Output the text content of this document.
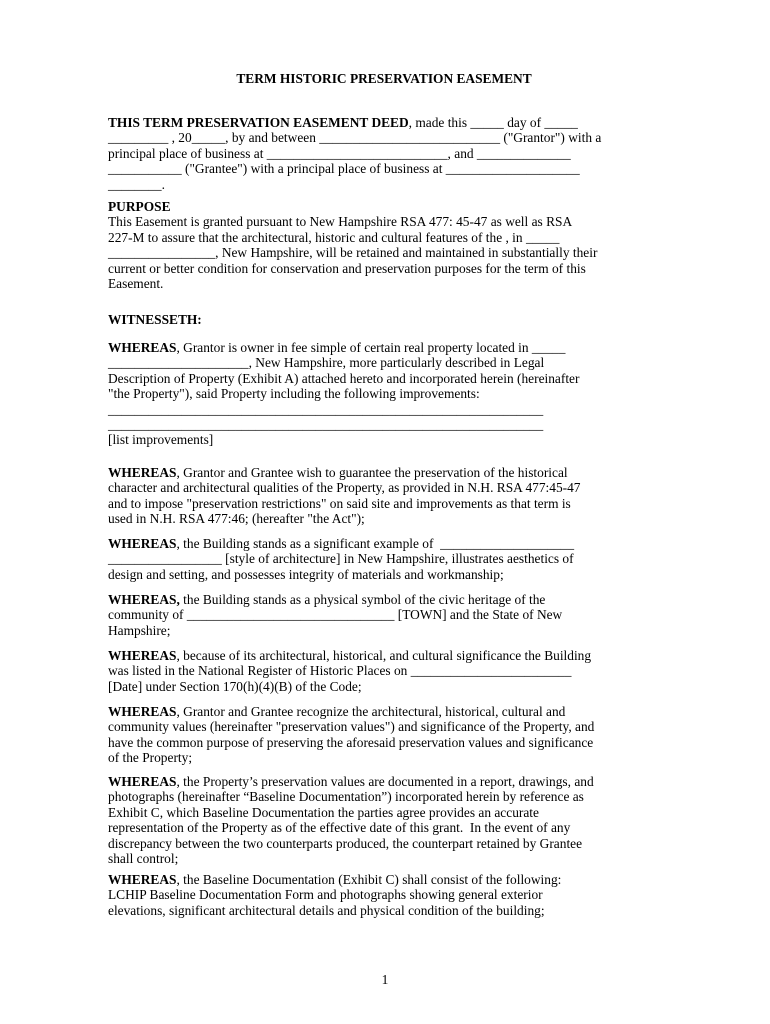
TERM HISTORIC PRESERVATION EASEMENT
THIS TERM PRESERVATION EASEMENT DEED, made this _____ day of _____
_________ , 20_____, by and between ___________________________ ("Grantor") with a
principal place of business at ___________________________, and ______________
___________ ("Grantee") with a principal place of business at ____________________
________.
PURPOSE
This Easement is granted pursuant to New Hampshire RSA 477: 45-47 as well as RSA
227-M to assure that the architectural, historic and cultural features of the , in _____
________________, New Hampshire, will be retained and maintained in substantially their
current or better condition for conservation and preservation purposes for the term of this
Easement.
WITNESSETH:
WHEREAS, Grantor is owner in fee simple of certain real property located in _____
_____________________, New Hampshire, more particularly described in Legal
Description of Property (Exhibit A) attached hereto and incorporated herein (hereinafter
"the Property"), said Property including the following improvements:
_________________________________________________________________
_________________________________________________________________
[list improvements]
WHEREAS, Grantor and Grantee wish to guarantee the preservation of the historical
character and architectural qualities of the Property, as provided in N.H. RSA 477:45-47
and to impose "preservation restrictions" on said site and improvements as that term is
used in N.H. RSA 477:46; (hereafter "the Act");
WHEREAS, the Building stands as a significant example of  ____________________
_________________ [style of architecture] in New Hampshire, illustrates aesthetics of
design and setting, and possesses integrity of materials and workmanship;
WHEREAS, the Building stands as a physical symbol of the civic heritage of the
community of _______________________________ [TOWN] and the State of New
Hampshire;
WHEREAS, because of its architectural, historical, and cultural significance the Building
was listed in the National Register of Historic Places on ________________________
[Date] under Section 170(h)(4)(B) of the Code;
WHEREAS, Grantor and Grantee recognize the architectural, historical, cultural and
community values (hereinafter "preservation values") and significance of the Property, and
have the common purpose of preserving the aforesaid preservation values and significance
of the Property;
WHEREAS, the Property’s preservation values are documented in a report, drawings, and
photographs (hereinafter “Baseline Documentation”) incorporated herein by reference as
Exhibit C, which Baseline Documentation the parties agree provides an accurate
representation of the Property as of the effective date of this grant.  In the event of any
discrepancy between the two counterparts produced, the counterpart retained by Grantee
shall control;
WHEREAS, the Baseline Documentation (Exhibit C) shall consist of the following:
LCHIP Baseline Documentation Form and photographs showing general exterior
elevations, significant architectural details and physical condition of the building;
1
